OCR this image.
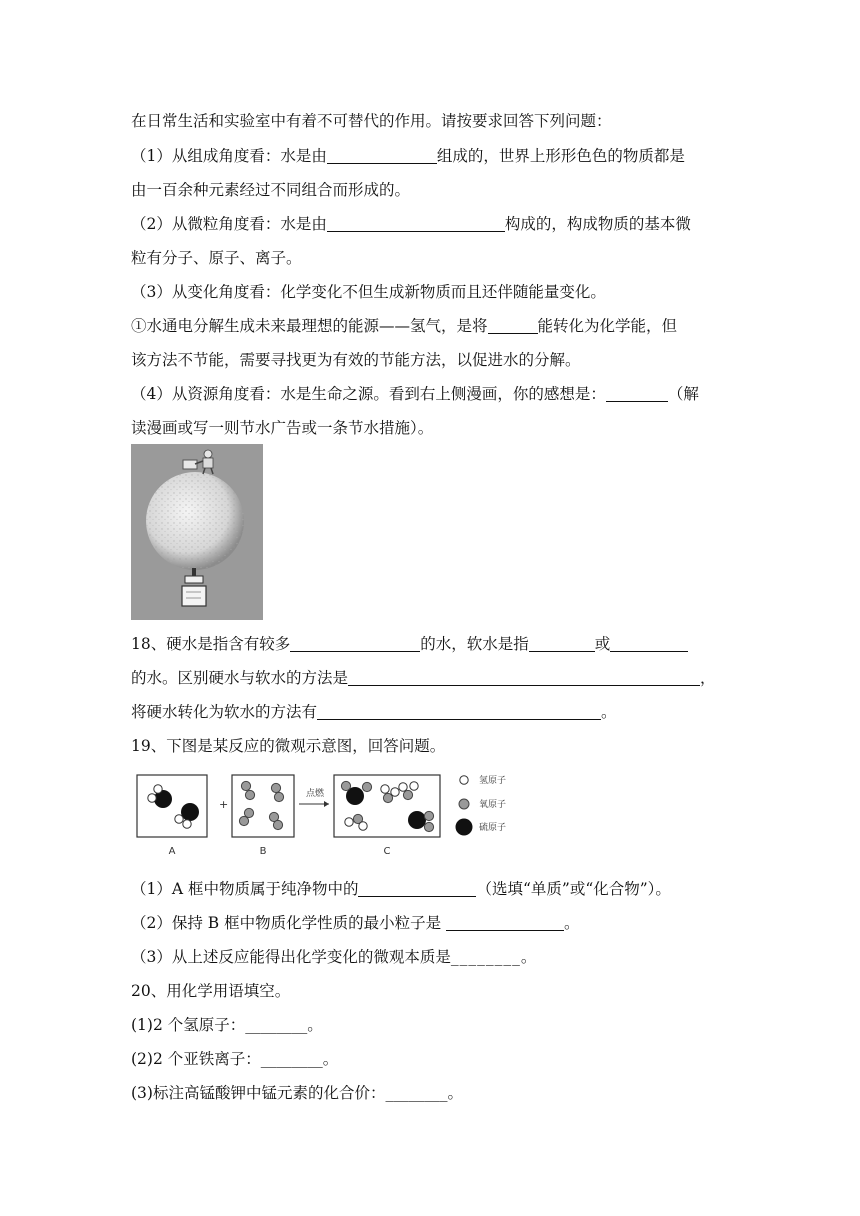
在日常生活和实验室中有着不可替代的作用。请按要求回答下列问题：
（1）从组成角度看：水是由	组成的，世界上形形色色的物质都是
由一百余种元素经过不同组合而形成的。
（2）从微粒角度看：水是由	构成的，构成物质的基本微
粒有分子、原子、离子。
（3）从变化角度看：化学变化不但生成新物质而且还伴随能量变化。
①水通电分解生成未来最理想的能源——氢气，是将	能转化为化学能，但
该方法不节能，需要寻找更为有效的节能方法，以促进水的分解。
（4）从资源角度看：水是生命之源。看到右上侧漫画，你的感想是：	（解
读漫画或写一则节水广告或一条节水措施）。
18、硬水是指含有较多	的水，软水是指	或
的水。区别硬水与软水的方法是	，
将硬水转化为软水的方法有	。
19、下图是某反应的微观示意图，回答问题。
A
+
B
点燃
C
氢原子
氧原子
硫原子
（1）A 框中物质属于纯净物中的	（选填“单质”或“化合物”）。
（2）保持 B 框中物质化学性质的最小粒子是	。
（3）从上述反应能得出化学变化的微观本质是________。
20、用化学用语填空。
(1)2 个氢原子：________。
(2)2 个亚铁离子：________。
(3)标注高锰酸钾中锰元素的化合价：________。
